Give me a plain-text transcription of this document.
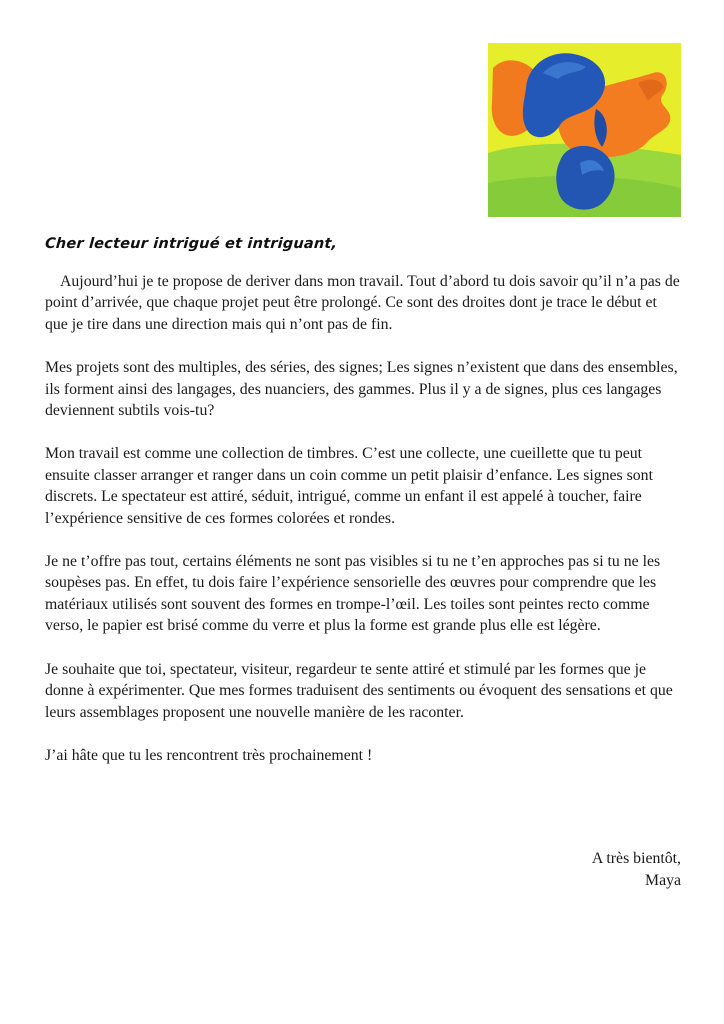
Cher lecteur intrigué et intriguant,

Aujourd’hui je te propose de deriver dans mon travail. Tout d’abord tu dois savoir qu’il n’a pas de point d’arrivée, que chaque projet peut être prolongé. Ce sont des droites dont je trace le début et que je tire dans une direction mais qui n’ont pas de fin.

Mes projets sont des multiples, des séries, des signes; Les signes n’existent que dans des ensembles, ils forment ainsi des langages, des nuanciers, des gammes. Plus il y a de signes, plus ces langages deviennent subtils vois-tu?

Mon travail est comme une collection de timbres. C’est une collecte, une cueillette que tu peut ensuite classer arranger et ranger dans un coin comme un petit plaisir d’enfance. Les signes sont discrets. Le spectateur est attiré, séduit, intrigué, comme un enfant il est appelé à toucher, faire l’expérience sensitive de ces formes colorées et rondes.

Je ne t’offre pas tout, certains éléments ne sont pas visibles si tu ne t’en approches pas si tu ne les soupèses pas. En effet, tu dois faire l’expérience sensorielle des œuvres pour comprendre que les matériaux utilisés sont souvent des formes en trompe-l’œil. Les toiles sont peintes recto comme verso, le papier est brisé comme du verre et plus la forme est grande plus elle est légère.

Je souhaite que toi, spectateur, visiteur, regardeur te sente attiré et stimulé par les formes que je donne à expérimenter. Que mes formes traduisent des sentiments ou évoquent des sensations et que leurs assemblages proposent une nouvelle manière de les raconter.

J’ai hâte que tu les rencontrent très prochainement !

A très bientôt,
Maya
